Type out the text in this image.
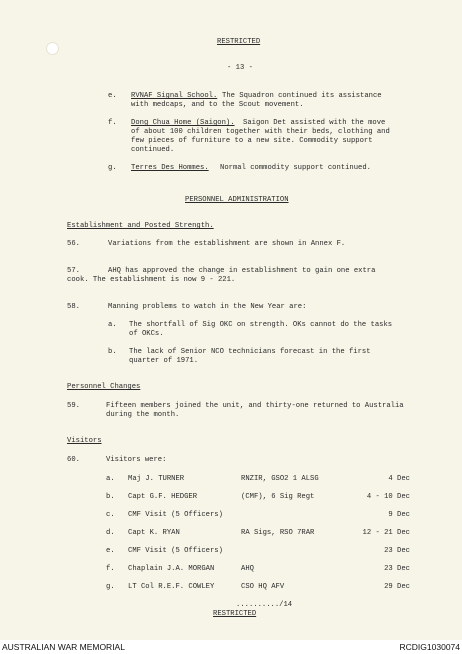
RESTRICTED
- 13 -
e. RVNAF Signal School. The Squadron continued its assistance
with medcaps, and to the Scout movement.
f. Dong Chua Home (Saigon). Saigon Det assisted with the move
of about 100 children together with their beds, clothing and
few pieces of furniture to a new site. Commodity support
continued.
g. Terres Des Hommes. Normal commodity support continued.
PERSONNEL ADMINISTRATION
Establishment and Posted Strength.
56.	Variations from the establishment are shown in Annex F.
57.	AHQ has approved the change in establishment to gain one extra
cook. The establishment is now 9 - 221.
58.	Manning problems to watch in the New Year are:
a. The shortfall of Sig OKC on strength. OKs cannot do the tasks
of OKCs.
b. The lack of Senior NCO technicians forecast in the first
quarter of 1971.
Personnel Changes
59.	Fifteen members joined the unit, and thirty-one returned to Australia
during the month.
Visitors
60.	Visitors were:
a. Maj J. TURNER	RNZIR, GSO2 1 ALSG	4 Dec
b. Capt G.F. HEDGER	(CMF), 6 Sig Regt	4 - 10 Dec
c. CMF Visit (5 Officers)	9 Dec
d. Capt K. RYAN	RA Sigs, RSO 7RAR	12 - 21 Dec
e. CMF Visit (5 Officers)	23 Dec
f. Chaplain J.A. MORGAN	AHQ	23 Dec
g. LT Col R.E.F. COWLEY	CSO HQ AFV	29 Dec
........../14
RESTRICTED
AUSTRALIAN WAR MEMORIAL	RCDIG1030074
